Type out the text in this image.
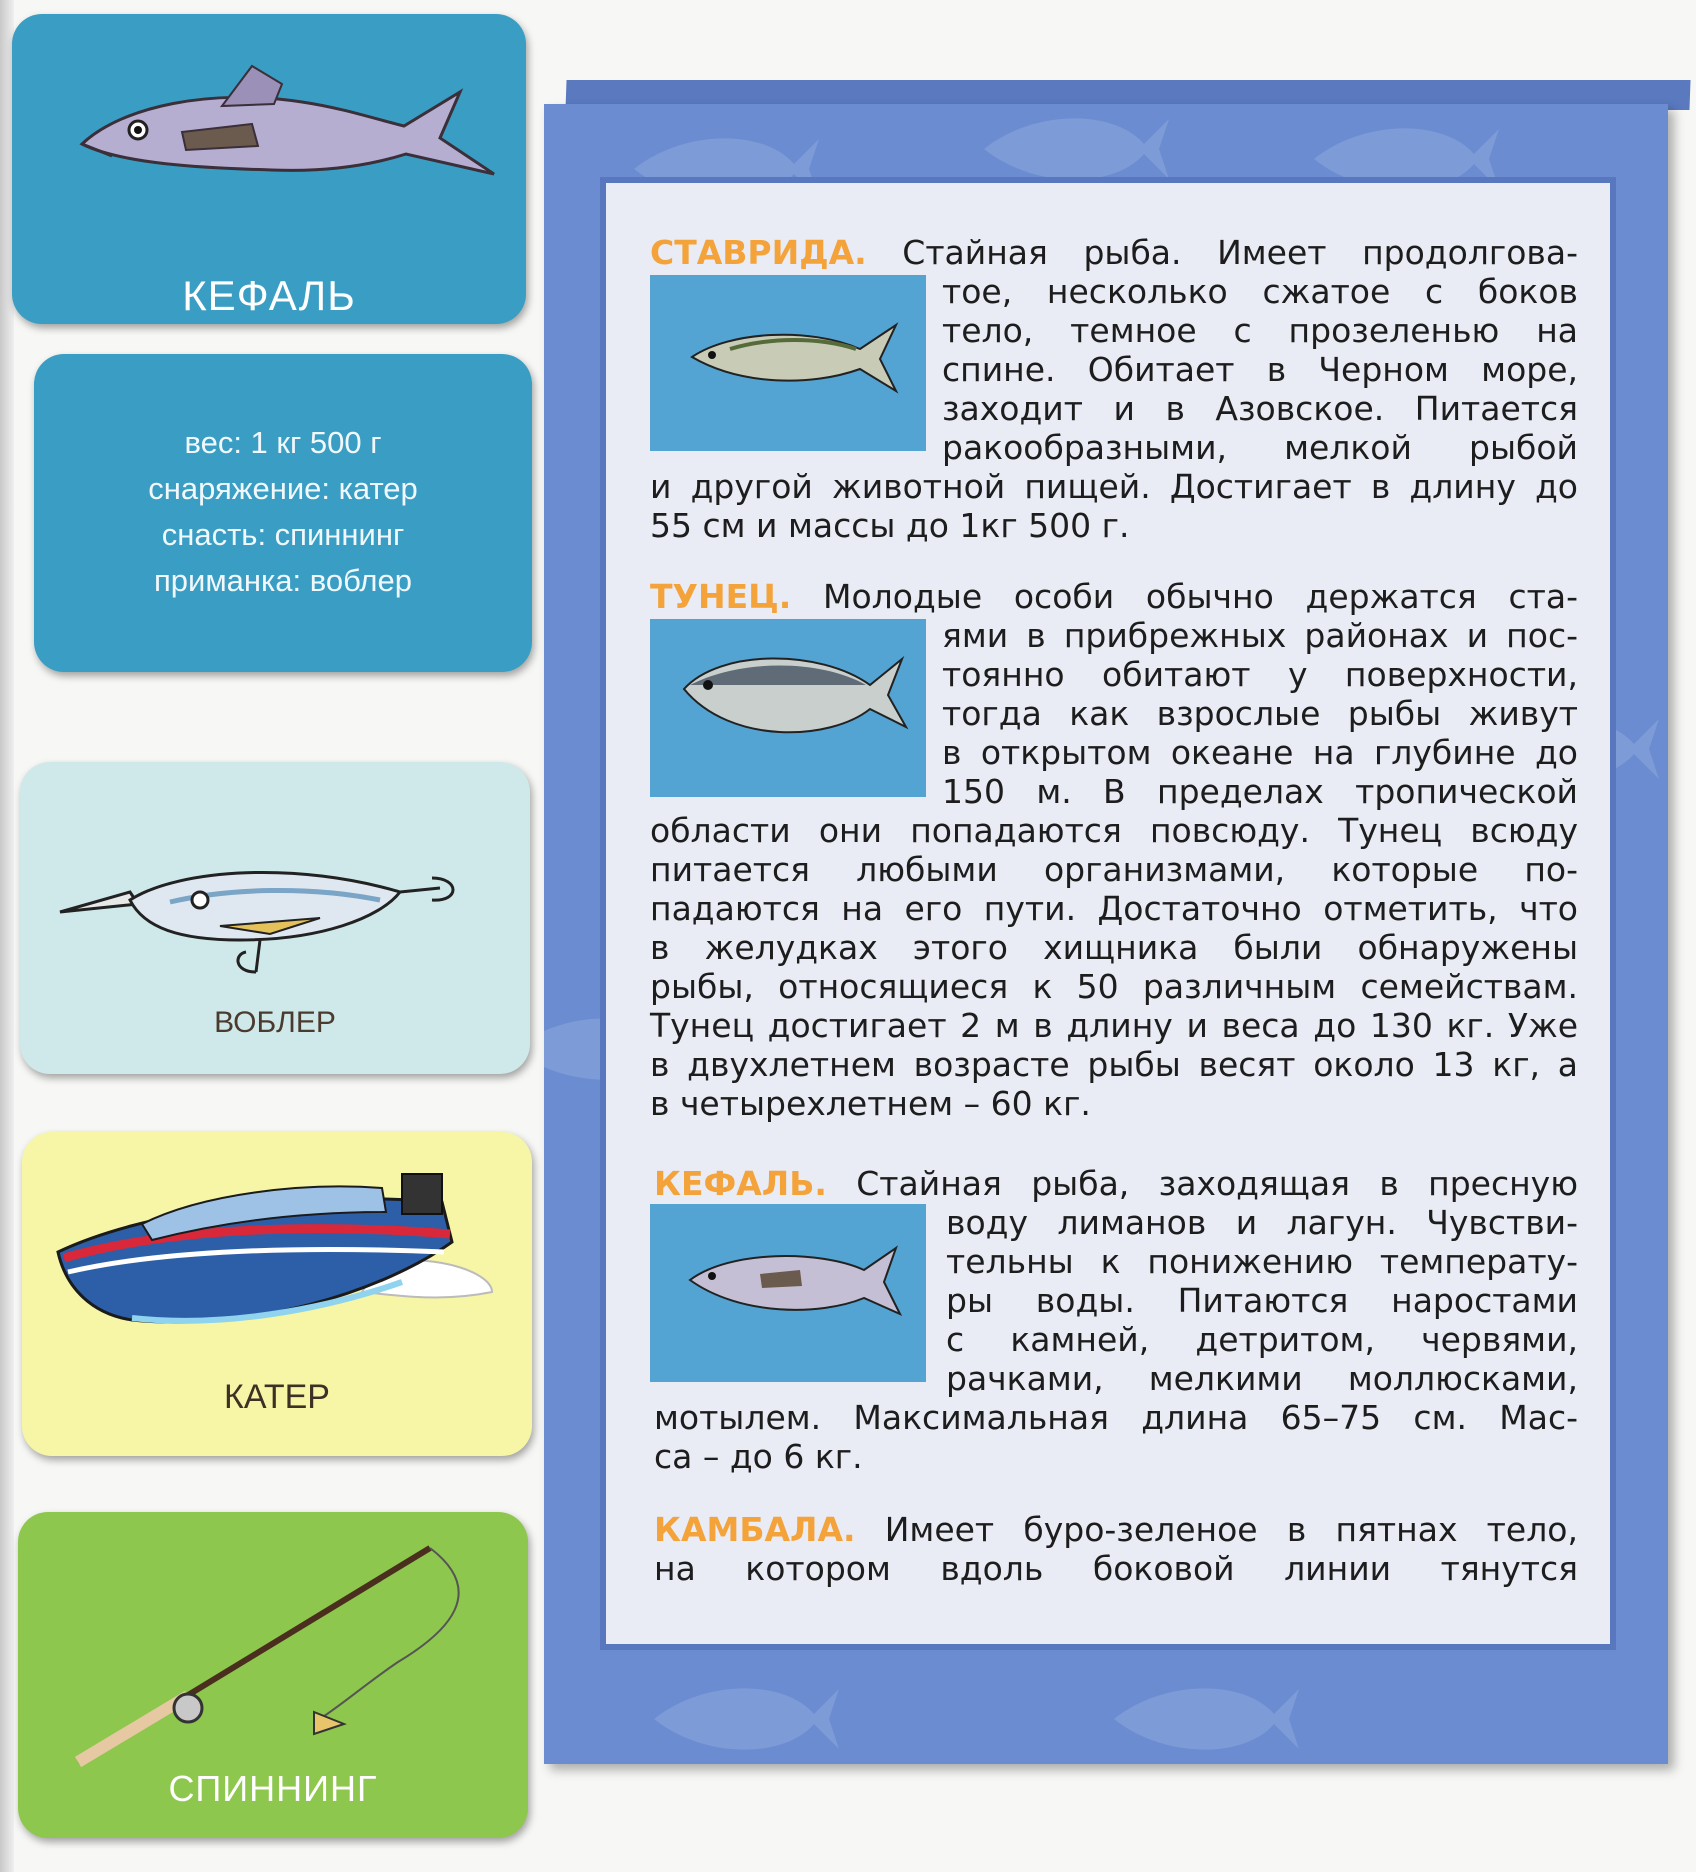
КЕФАЛЬ
вес: 1 кг 500 г
снаряжение: катер
снасть: спиннинг
приманка: воблер
ВОБЛЕР
КАТЕР
СПИННИНГ
СТАВРИДА. Стайная рыба. Имеет продолгова-
тое, несколько сжатое с боков
тело, темное с прозеленью на
спине. Обитает в Черном море,
заходит и в Азовское. Питается
ракообразными, мелкой рыбой
и другой животной пищей. Достигает в длину до
55 см и массы до 1кг 500 г.
ТУНЕЦ. Молодые особи обычно держатся ста-
ями в прибрежных районах и пос-
тоянно обитают у поверхности,
тогда как взрослые рыбы живут
в открытом океане на глубине до
150 м. В пределах тропической
области они попадаются повсюду. Тунец всюду
питается любыми организмами, которые по-
падаются на его пути. Достаточно отметить, что
в желудках этого хищника были обнаружены
рыбы, относящиеся к 50 различным семействам.
Тунец достигает 2 м в длину и веса до 130 кг. Уже
в двухлетнем возрасте рыбы весят около 13 кг, а
в четырехлетнем – 60 кг.
КЕФАЛЬ. Стайная рыба, заходящая в пресную
воду лиманов и лагун. Чувстви-
тельны к понижению температу-
ры воды. Питаются наростами
с камней, детритом, червями,
рачками, мелкими моллюсками,
мотылем. Максимальная длина 65–75 см. Мас-
са – до 6 кг.
КАМБАЛА. Имеет буро-зеленое в пятнах тело,
на котором вдоль боковой линии тянутся
